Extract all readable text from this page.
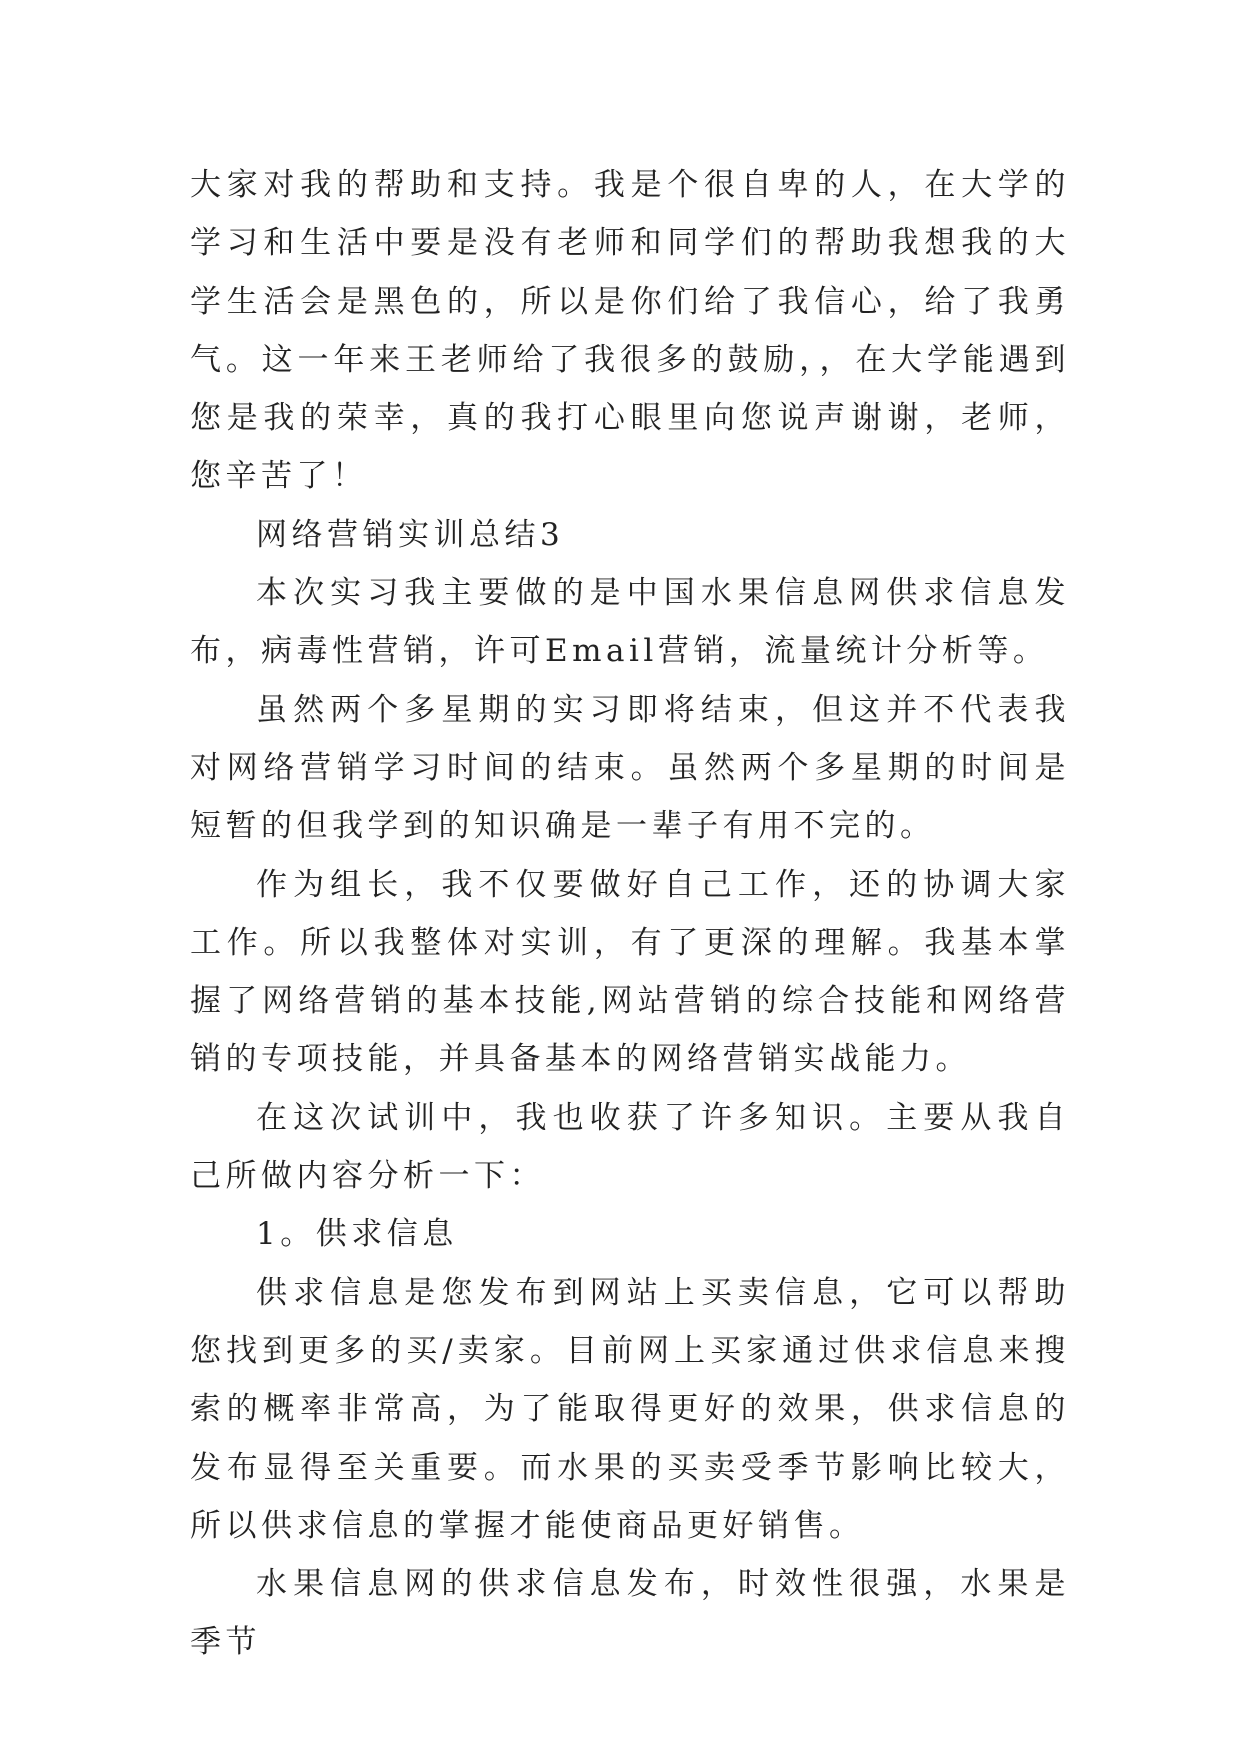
大家对我的帮助和支持。我是个很自卑的人，在大学的学习和生活中要是没有老师和同学们的帮助我想我的大学生活会是黑色的，所以是你们给了我信心，给了我勇气。这一年来王老师给了我很多的鼓励，，在大学能遇到您是我的荣幸，真的我打心眼里向您说声谢谢，老师，您辛苦了！

网络营销实训总结3

本次实习我主要做的是中国水果信息网供求信息发布，病毒性营销，许可Email营销，流量统计分析等。

虽然两个多星期的实习即将结束，但这并不代表我对网络营销学习时间的结束。虽然两个多星期的时间是短暂的但我学到的知识确是一辈子有用不完的。

作为组长，我不仅要做好自己工作，还的协调大家工作。所以我整体对实训，有了更深的理解。我基本掌握了网络营销的基本技能,网站营销的综合技能和网络营销的专项技能，并具备基本的网络营销实战能力。

在这次试训中，我也收获了许多知识。主要从我自己所做内容分析一下：

1。供求信息

供求信息是您发布到网站上买卖信息，它可以帮助您找到更多的买/卖家。目前网上买家通过供求信息来搜索的概率非常高，为了能取得更好的效果，供求信息的发布显得至关重要。而水果的买卖受季节影响比较大，所以供求信息的掌握才能使商品更好销售。

水果信息网的供求信息发布，时效性很强，水果是季节
